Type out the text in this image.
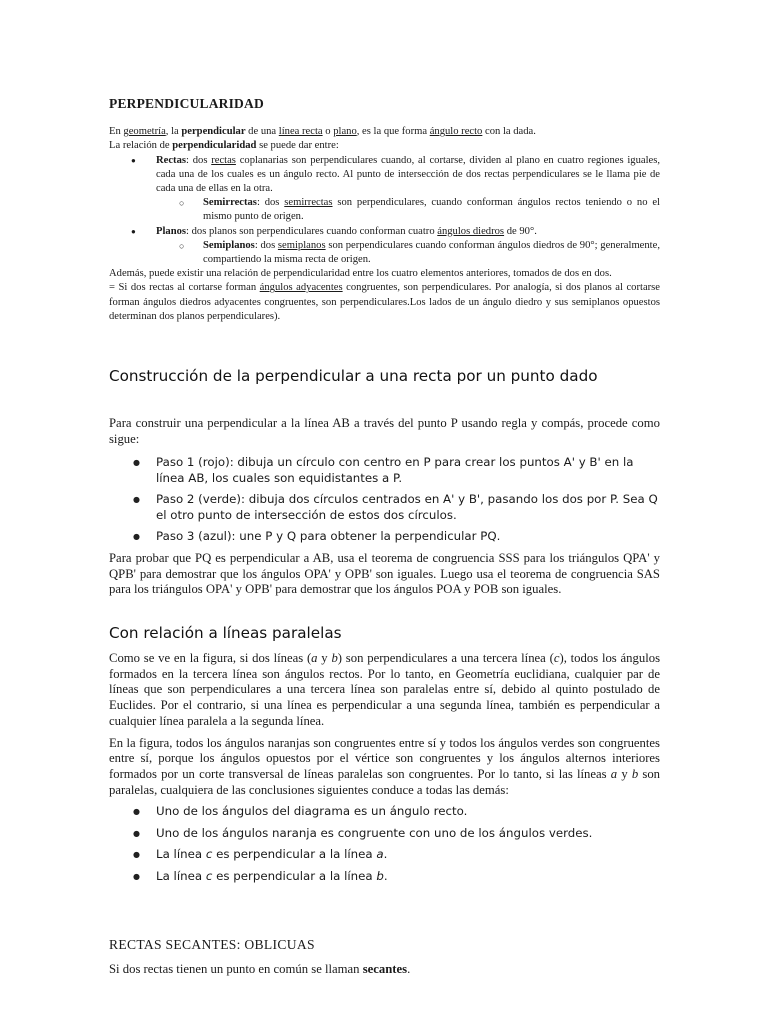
PERPENDICULARIDAD

En geometría, la perpendicular de una línea recta o plano, es la que forma ángulo recto con la dada.

La relación de perpendicularidad se puede dar entre:

● Rectas: dos rectas coplanarias son perpendiculares cuando, al cortarse, dividen al plano en cuatro regiones iguales, cada una de los cuales es un ángulo recto. Al punto de intersección de dos rectas perpendiculares se le llama pie de cada una de ellas en la otra.
○ Semirrectas: dos semirrectas son perpendiculares, cuando conforman ángulos rectos teniendo o no el mismo punto de origen.
● Planos: dos planos son perpendiculares cuando conforman cuatro ángulos diedros de 90°.
○ Semiplanos: dos semiplanos son perpendiculares cuando conforman ángulos diedros de 90°; generalmente, compartiendo la misma recta de origen.

Además, puede existir una relación de perpendicularidad entre los cuatro elementos anteriores, tomados de dos en dos.

= Si dos rectas al cortarse forman ángulos adyacentes congruentes, son perpendiculares. Por analogía, si dos planos al cortarse forman ángulos diedros adyacentes congruentes, son perpendiculares.Los lados de un ángulo diedro y sus semiplanos opuestos determinan dos planos perpendiculares).

Construcción de la perpendicular a una recta por un punto dado

Para construir una perpendicular a la línea AB a través del punto P usando regla y compás, procede como sigue:

● Paso 1 (rojo): dibuja un círculo con centro en P para crear los puntos A' y B' en la línea AB, los cuales son equidistantes a P.
● Paso 2 (verde): dibuja dos círculos centrados en A' y B', pasando los dos por P. Sea Q el otro punto de intersección de estos dos círculos.
● Paso 3 (azul): une P y Q para obtener la perpendicular PQ.

Para probar que PQ es perpendicular a AB, usa el teorema de congruencia SSS para los triángulos QPA' y QPB' para demostrar que los ángulos OPA' y OPB' son iguales. Luego usa el teorema de congruencia SAS para los triángulos OPA' y OPB' para demostrar que los ángulos POA y POB son iguales.

Con relación a líneas paralelas

Como se ve en la figura, si dos líneas (a y b) son perpendiculares a una tercera línea (c), todos los ángulos formados en la tercera línea son ángulos rectos. Por lo tanto, en Geometría euclidiana, cualquier par de líneas que son perpendiculares a una tercera línea son paralelas entre sí, debido al quinto postulado de Euclides. Por el contrario, si una línea es perpendicular a una segunda línea, también es perpendicular a cualquier línea paralela a la segunda línea.

En la figura, todos los ángulos naranjas son congruentes entre sí y todos los ángulos verdes son congruentes entre sí, porque los ángulos opuestos por el vértice son congruentes y los ángulos alternos interiores formados por un corte transversal de líneas paralelas son congruentes. Por lo tanto, si las líneas a y b son paralelas, cualquiera de las conclusiones siguientes conduce a todas las demás:

● Uno de los ángulos del diagrama es un ángulo recto.
● Uno de los ángulos naranja es congruente con uno de los ángulos verdes.
● La línea c es perpendicular a la línea a.
● La línea c es perpendicular a la línea b.
RECTAS SECANTES: OBLICUAS

Si dos rectas tienen un punto en común se llaman secantes.
